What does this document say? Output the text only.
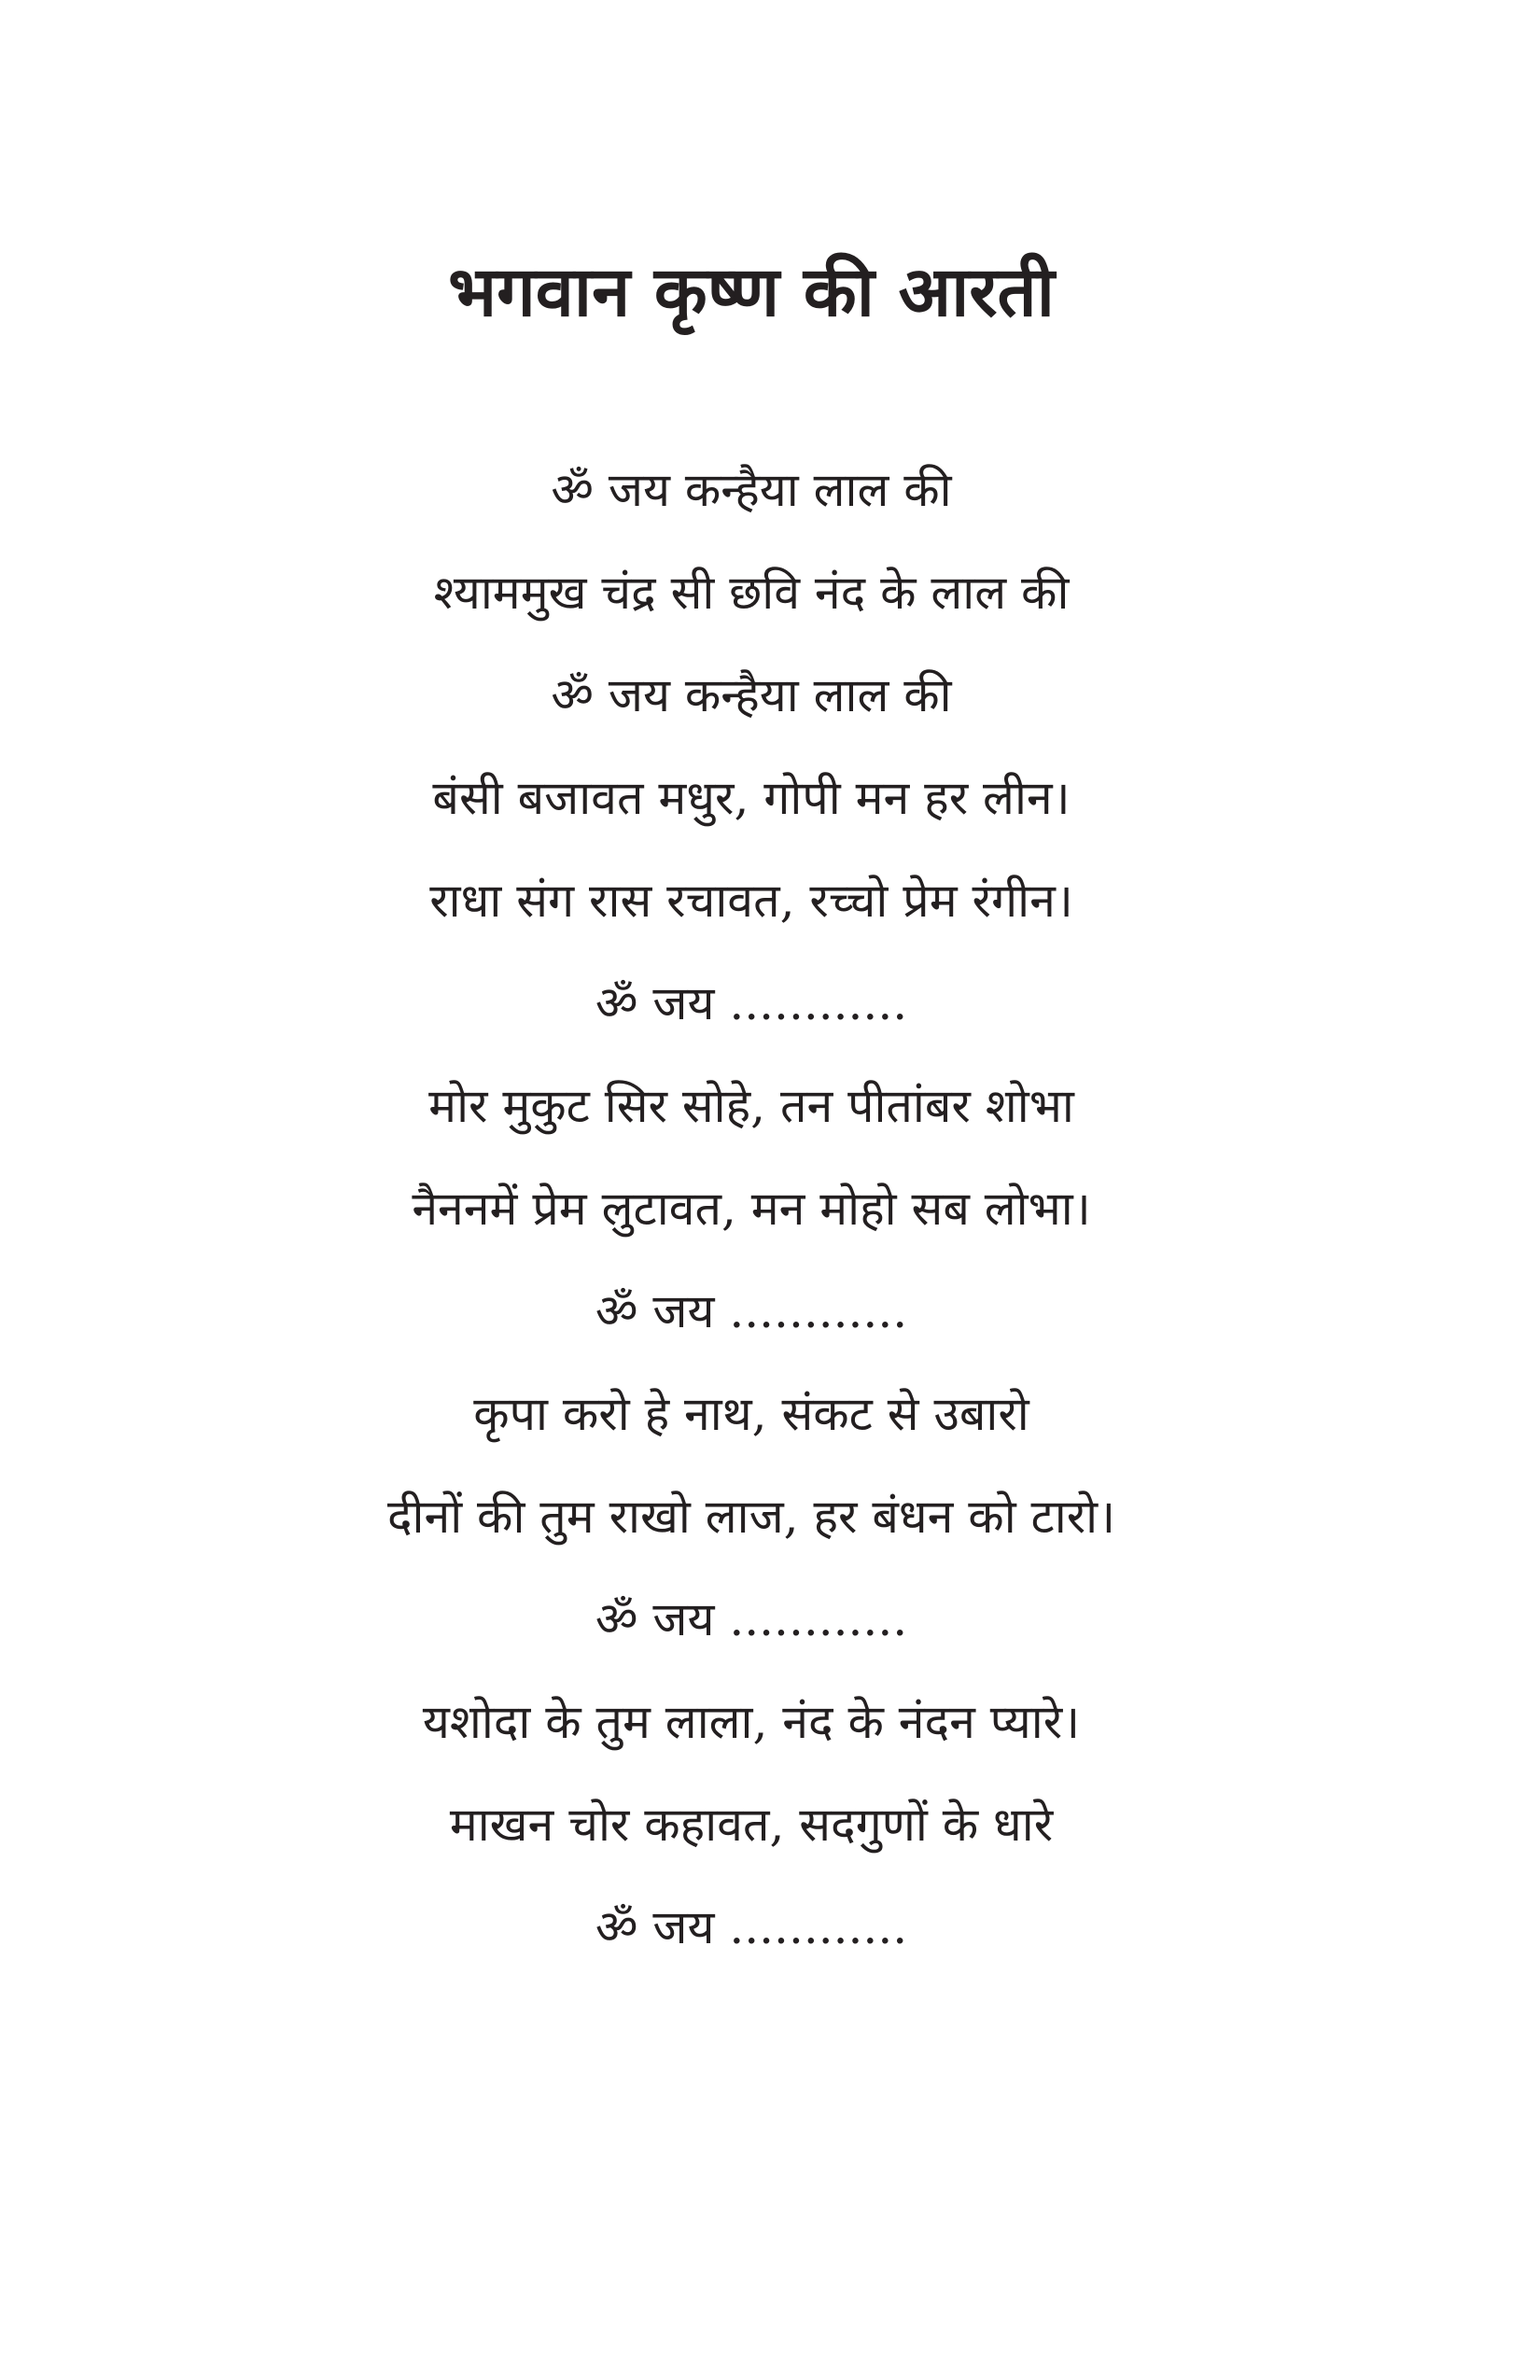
भगवान कृष्ण की आरती
ॐ जय कन्हैया लाल की
श्याममुख चंद्र सी छवि नंद के लाल की
ॐ जय कन्हैया लाल की
बंसी बजावत मधुर, गोपी मन हर लीन।
राधा संग रास रचावत, रच्चो प्रेम रंगीन।
ॐ जय ............
मोर मुकुट सिर सोहे, तन पीतांबर शोभा
नैननमें प्रेम लुटावत, मन मोहो सब लोभा।
ॐ जय ............
कृपा करो हे नाथ, संकट से उबारो
दीनों की तुम राखो लाज, हर बंधन को टारो।
ॐ जय ............
यशोदा के तुम लाला, नंद के नंदन प्यारे।
माखन चोर कहावत, सदगुणों के धारे
ॐ जय ............
